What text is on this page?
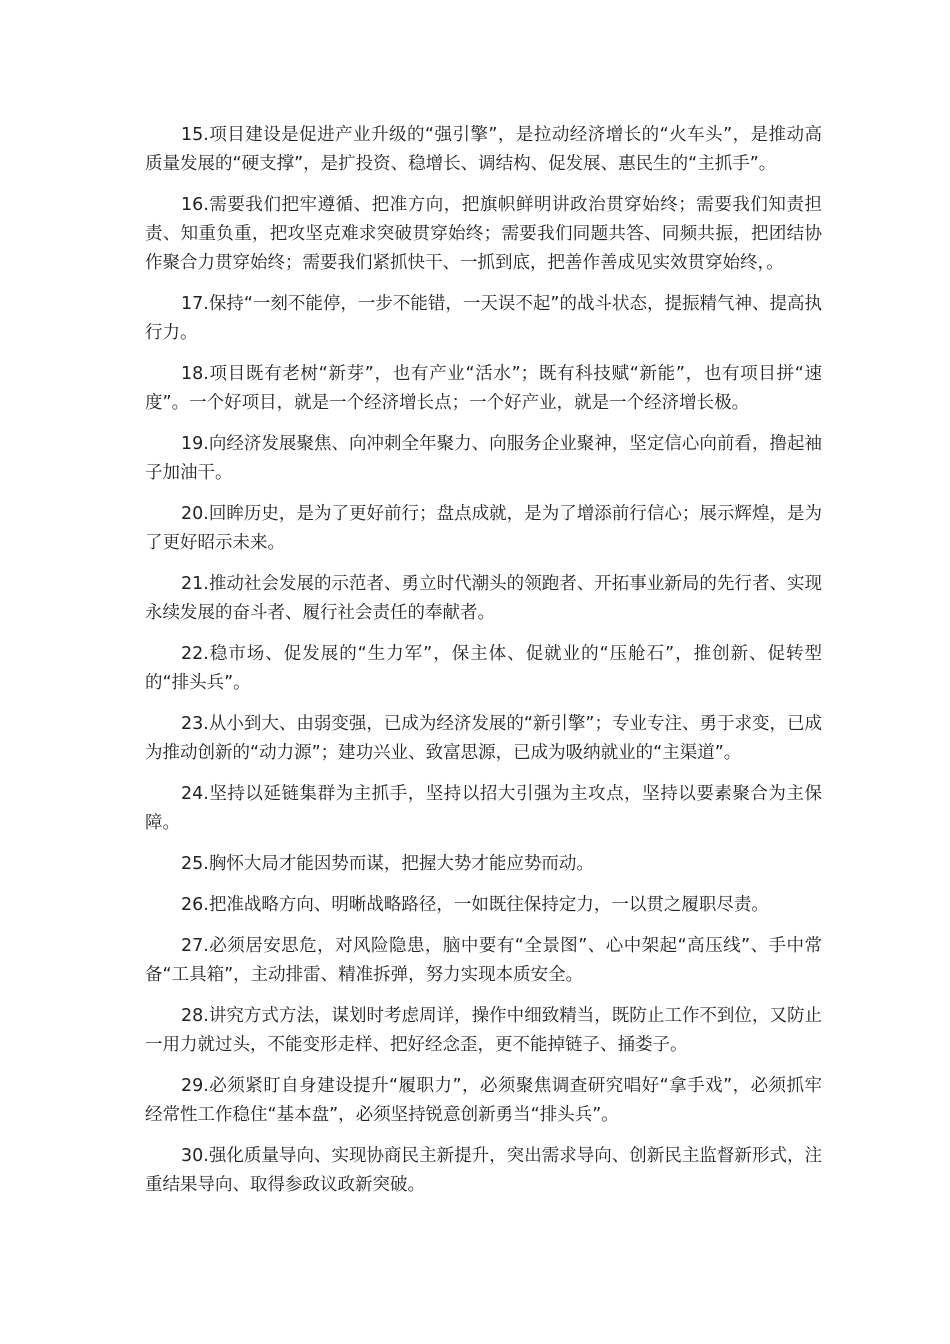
15.项目建设是促进产业升级的“强引擎”，是拉动经济增长的“火车头”，是推动高质量发展的“硬支撑”，是扩投资、稳增长、调结构、促发展、惠民生的“主抓手”。

16.需要我们把牢遵循、把准方向，把旗帜鲜明讲政治贯穿始终；需要我们知责担责、知重负重，把攻坚克难求突破贯穿始终；需要我们同题共答、同频共振，把团结协作聚合力贯穿始终；需要我们紧抓快干、一抓到底，把善作善成见实效贯穿始终，。

17.保持“一刻不能停，一步不能错，一天误不起”的战斗状态，提振精气神、提高执行力。

18.项目既有老树“新芽”，也有产业“活水”；既有科技赋“新能”，也有项目拼“速度”。一个好项目，就是一个经济增长点；一个好产业，就是一个经济增长极。

19.向经济发展聚焦、向冲刺全年聚力、向服务企业聚神，坚定信心向前看，撸起袖子加油干。

20.回眸历史，是为了更好前行；盘点成就，是为了增添前行信心；展示辉煌，是为了更好昭示未来。

21.推动社会发展的示范者、勇立时代潮头的领跑者、开拓事业新局的先行者、实现永续发展的奋斗者、履行社会责任的奉献者。

22.稳市场、促发展的“生力军”，保主体、促就业的“压舱石”，推创新、促转型的“排头兵”。

23.从小到大、由弱变强，已成为经济发展的“新引擎”；专业专注、勇于求变，已成为推动创新的“动力源”；建功兴业、致富思源，已成为吸纳就业的“主渠道”。

24.坚持以延链集群为主抓手，坚持以招大引强为主攻点，坚持以要素聚合为主保障。

25.胸怀大局才能因势而谋，把握大势才能应势而动。

26.把准战略方向、明晰战略路径，一如既往保持定力，一以贯之履职尽责。

27.必须居安思危，对风险隐患，脑中要有“全景图”、心中架起“高压线”、手中常备“工具箱”，主动排雷、精准拆弹，努力实现本质安全。

28.讲究方式方法，谋划时考虑周详，操作中细致精当，既防止工作不到位，又防止一用力就过头，不能变形走样、把好经念歪，更不能掉链子、捅娄子。

29.必须紧盯自身建设提升“履职力”，必须聚焦调查研究唱好“拿手戏”，必须抓牢经常性工作稳住“基本盘”，必须坚持锐意创新勇当“排头兵”。

30.强化质量导向、实现协商民主新提升，突出需求导向、创新民主监督新形式，注重结果导向、取得参政议政新突破。
